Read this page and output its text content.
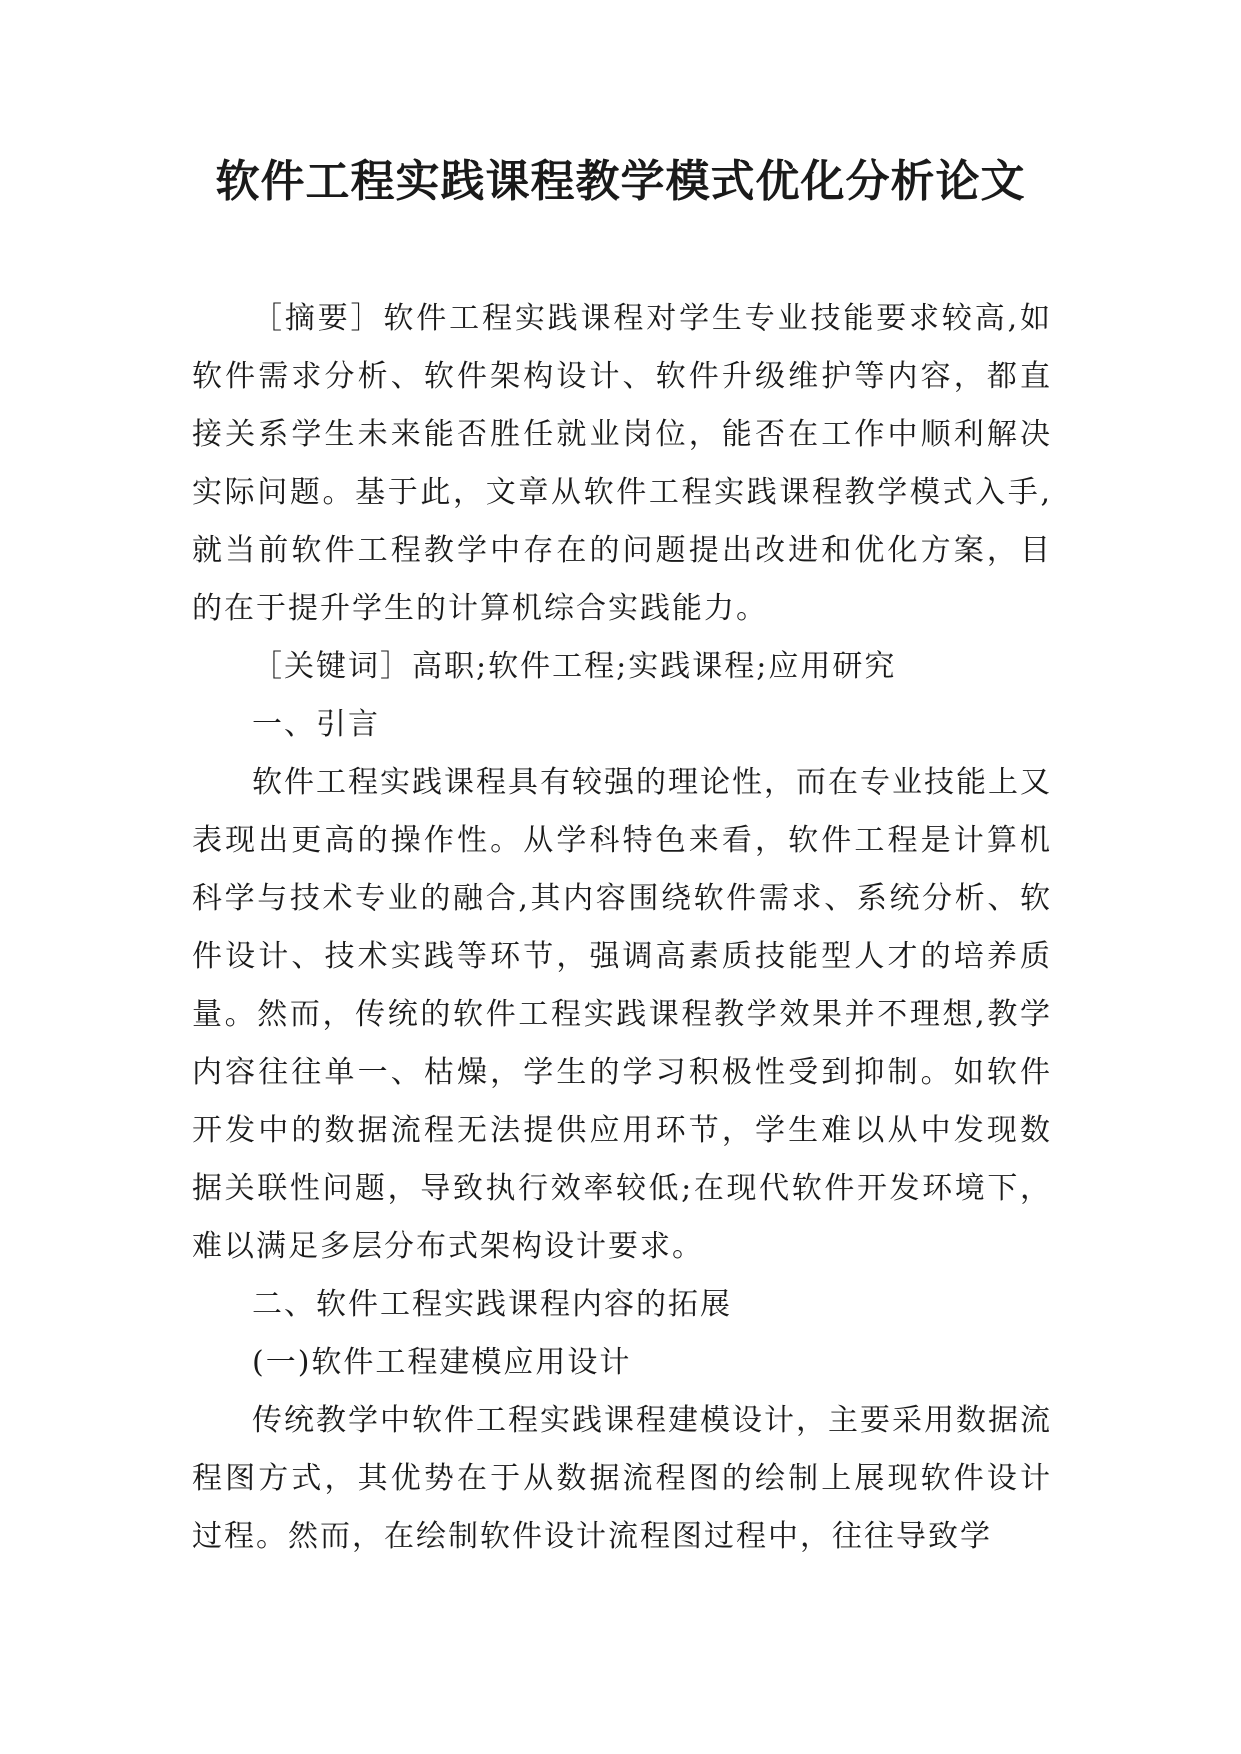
软件工程实践课程教学模式优化分析论文

［摘要］软件工程实践课程对学生专业技能要求较高,如软件需求分析、软件架构设计、软件升级维护等内容，都直接关系学生未来能否胜任就业岗位，能否在工作中顺利解决实际问题。基于此，文章从软件工程实践课程教学模式入手,就当前软件工程教学中存在的问题提出改进和优化方案，目的在于提升学生的计算机综合实践能力。

［关键词］高职;软件工程;实践课程;应用研究

一、引言

软件工程实践课程具有较强的理论性，而在专业技能上又表现出更高的操作性。从学科特色来看，软件工程是计算机科学与技术专业的融合,其内容围绕软件需求、系统分析、软件设计、技术实践等环节，强调高素质技能型人才的培养质量。然而，传统的软件工程实践课程教学效果并不理想,教学内容往往单一、枯燥，学生的学习积极性受到抑制。如软件开发中的数据流程无法提供应用环节，学生难以从中发现数据关联性问题，导致执行效率较低;在现代软件开发环境下，难以满足多层分布式架构设计要求。

二、软件工程实践课程内容的拓展

(一)软件工程建模应用设计

传统教学中软件工程实践课程建模设计，主要采用数据流程图方式，其优势在于从数据流程图的绘制上展现软件设计过程。然而，在绘制软件设计流程图过程中，往往导致学
